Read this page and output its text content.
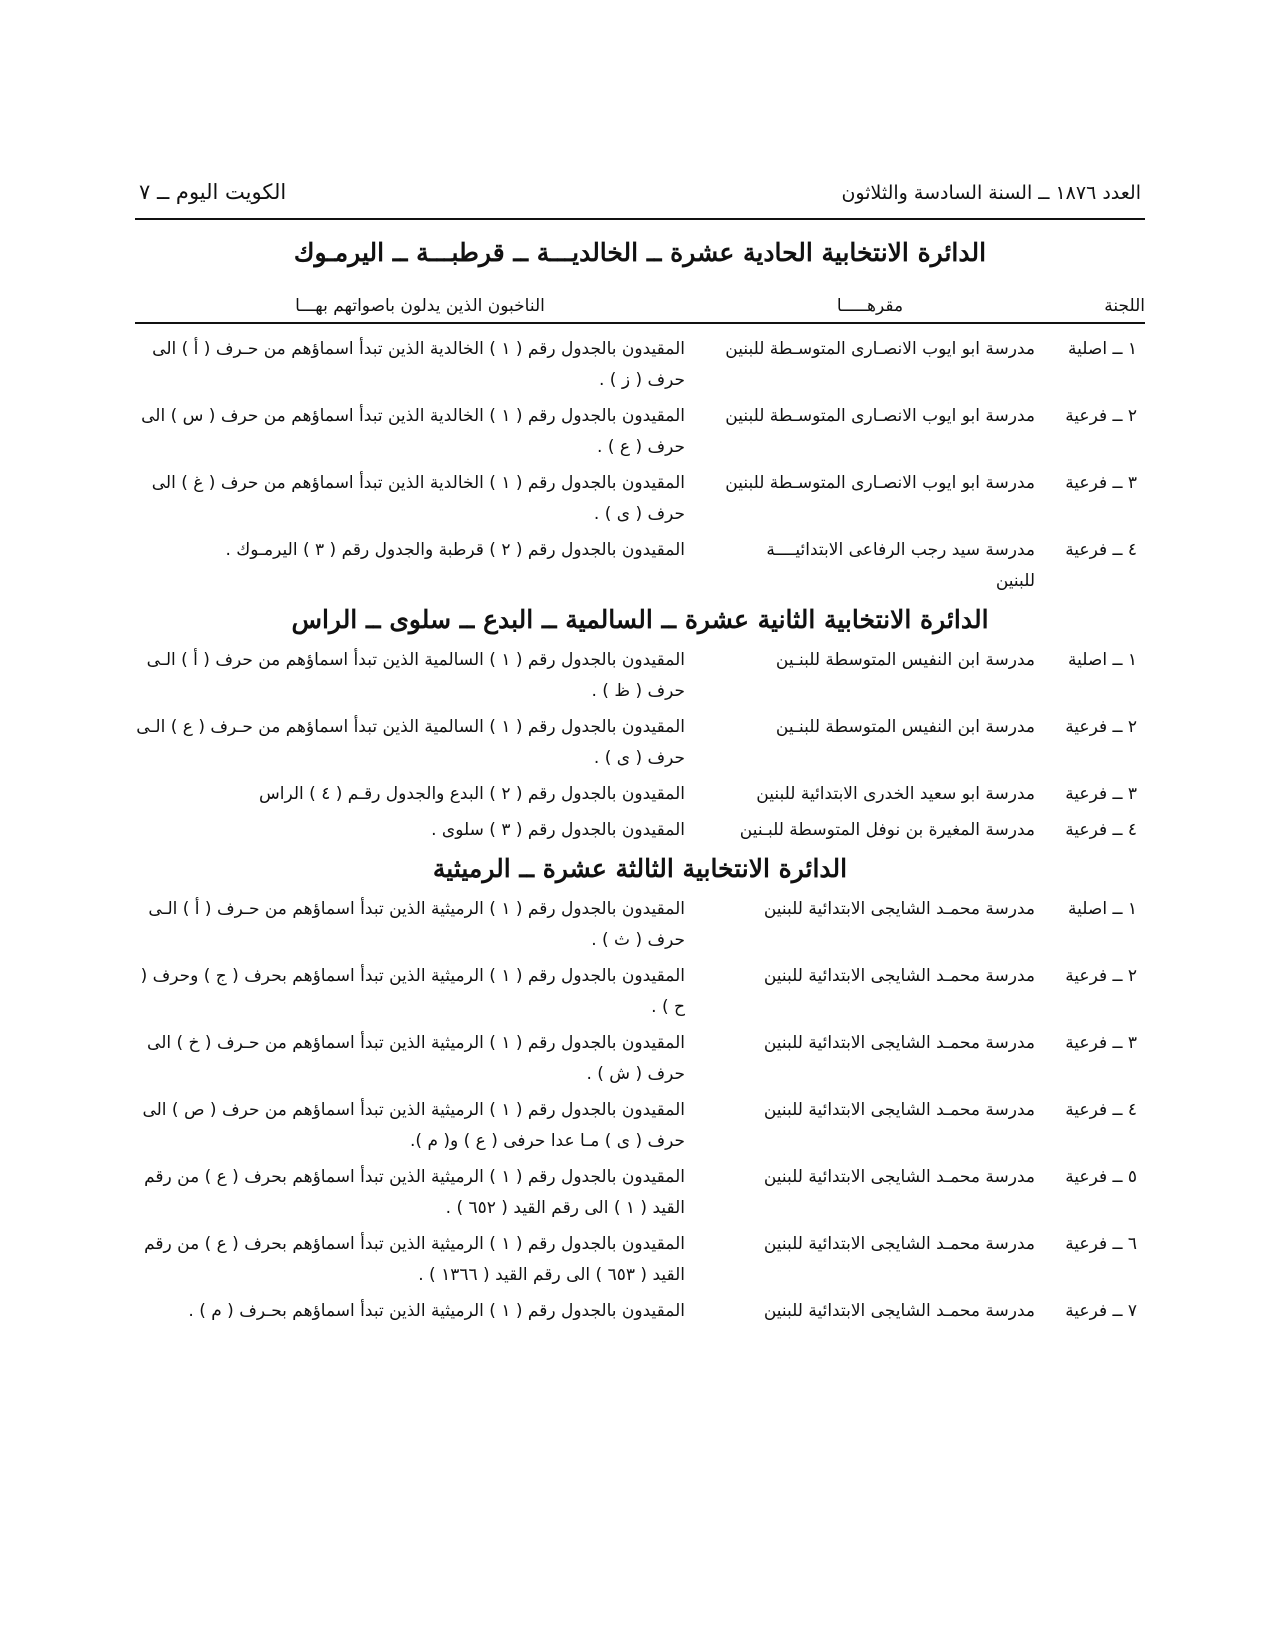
العدد ١٨٧٦ ــ السنة السادسة والثلاثون
الكويت اليوم ــ ٧
الدائرة الانتخابية الحادية عشرة ــ الخالديـــة ــ قرطبـــة ــ اليرمـوك
اللجنة
مقرهـــــا
الناخبون الذين يدلون باصواتهم بهـــا
١ ــ اصلية
مدرسة ابو ايوب الانصـارى المتوسـطة للبنين
المقيدون بالجدول رقم ( ١ ) الخالدية الذين تبدأ اسماؤهم من حـرف ( أ ) الى حرف ( ز ) .
٢ ــ فرعية
مدرسة ابو ايوب الانصـارى المتوسـطة للبنين
المقيدون بالجدول رقم ( ١ ) الخالدية الذين تبدأ اسماؤهم من حرف ( س ) الى حرف ( ع ) .
٣ ــ فرعية
مدرسة ابو ايوب الانصـارى المتوسـطة للبنين
المقيدون بالجدول رقم ( ١ ) الخالدية الذين تبدأ اسماؤهم من حرف ( غ ) الى حرف ( ى ) .
٤ ــ فرعية
مدرسة سيد رجب الرفاعى الابتدائيــــة للبنين
المقيدون بالجدول رقم ( ٢ ) قرطبة والجدول رقم ( ٣ ) اليرمـوك .
الدائرة الانتخابية الثانية عشرة ــ السالمية ــ البدع ــ سلوى ــ الراس
١ ــ اصلية
مدرسة ابن النفيس المتوسطة للبنـين
المقيدون بالجدول رقم ( ١ ) السالمية الذين تبدأ اسماؤهم من حرف ( أ ) الـى حرف ( ظ ) .
٢ ــ فرعية
مدرسة ابن النفيس المتوسطة للبنـين
المقيدون بالجدول رقم ( ١ ) السالمية الذين تبدأ اسماؤهم من حـرف ( ع ) الـى حرف ( ى ) .
٣ ــ فرعية
مدرسة ابو سعيد الخدرى الابتدائية للبنين
المقيدون بالجدول رقم ( ٢ ) البدع والجدول رقـم ( ٤ ) الراس
٤ ــ فرعية
مدرسة المغيرة بن نوفل المتوسطة للبـنين
المقيدون بالجدول رقم ( ٣ ) سلوى .
الدائرة الانتخابية الثالثة عشرة ــ الرميثية
١ ــ اصلية
مدرسة محمـد الشايجى الابتدائية للبنين
المقيدون بالجدول رقم ( ١ ) الرميثية الذين تبدأ اسماؤهم من حـرف ( أ ) الـى حرف ( ث ) .
٢ ــ فرعية
مدرسة محمـد الشايجى الابتدائية للبنين
المقيدون بالجدول رقم ( ١ ) الرميثية الذين تبدأ اسماؤهم بحرف ( ج ) وحرف ( ح ) .
٣ ــ فرعية
مدرسة محمـد الشايجى الابتدائية للبنين
المقيدون بالجدول رقم ( ١ ) الرميثية الذين تبدأ اسماؤهم من حـرف ( خ ) الى حرف ( ش ) .
٤ ــ فرعية
مدرسة محمـد الشايجى الابتدائية للبنين
المقيدون بالجدول رقم ( ١ ) الرميثية الذين تبدأ اسماؤهم من حرف ( ص ) الى حرف ( ى ) مـا عدا حرفى ( ع ) و( م ).
٥ ــ فرعية
مدرسة محمـد الشايجى الابتدائية للبنين
المقيدون بالجدول رقم ( ١ ) الرميثية الذين تبدأ اسماؤهم بحرف ( ع ) من رقم القيد ( ١ ) الى رقم القيد ( ٦٥٢ ) .
٦ ــ فرعية
مدرسة محمـد الشايجى الابتدائية للبنين
المقيدون بالجدول رقم ( ١ ) الرميثية الذين تبدأ اسماؤهم بحرف ( ع ) من رقم القيد ( ٦٥٣ ) الى رقم القيد ( ١٣٦٦ ) .
٧ ــ فرعية
مدرسة محمـد الشايجى الابتدائية للبنين
المقيدون بالجدول رقم ( ١ ) الرميثية الذين تبدأ اسماؤهم بحـرف ( م ) .
